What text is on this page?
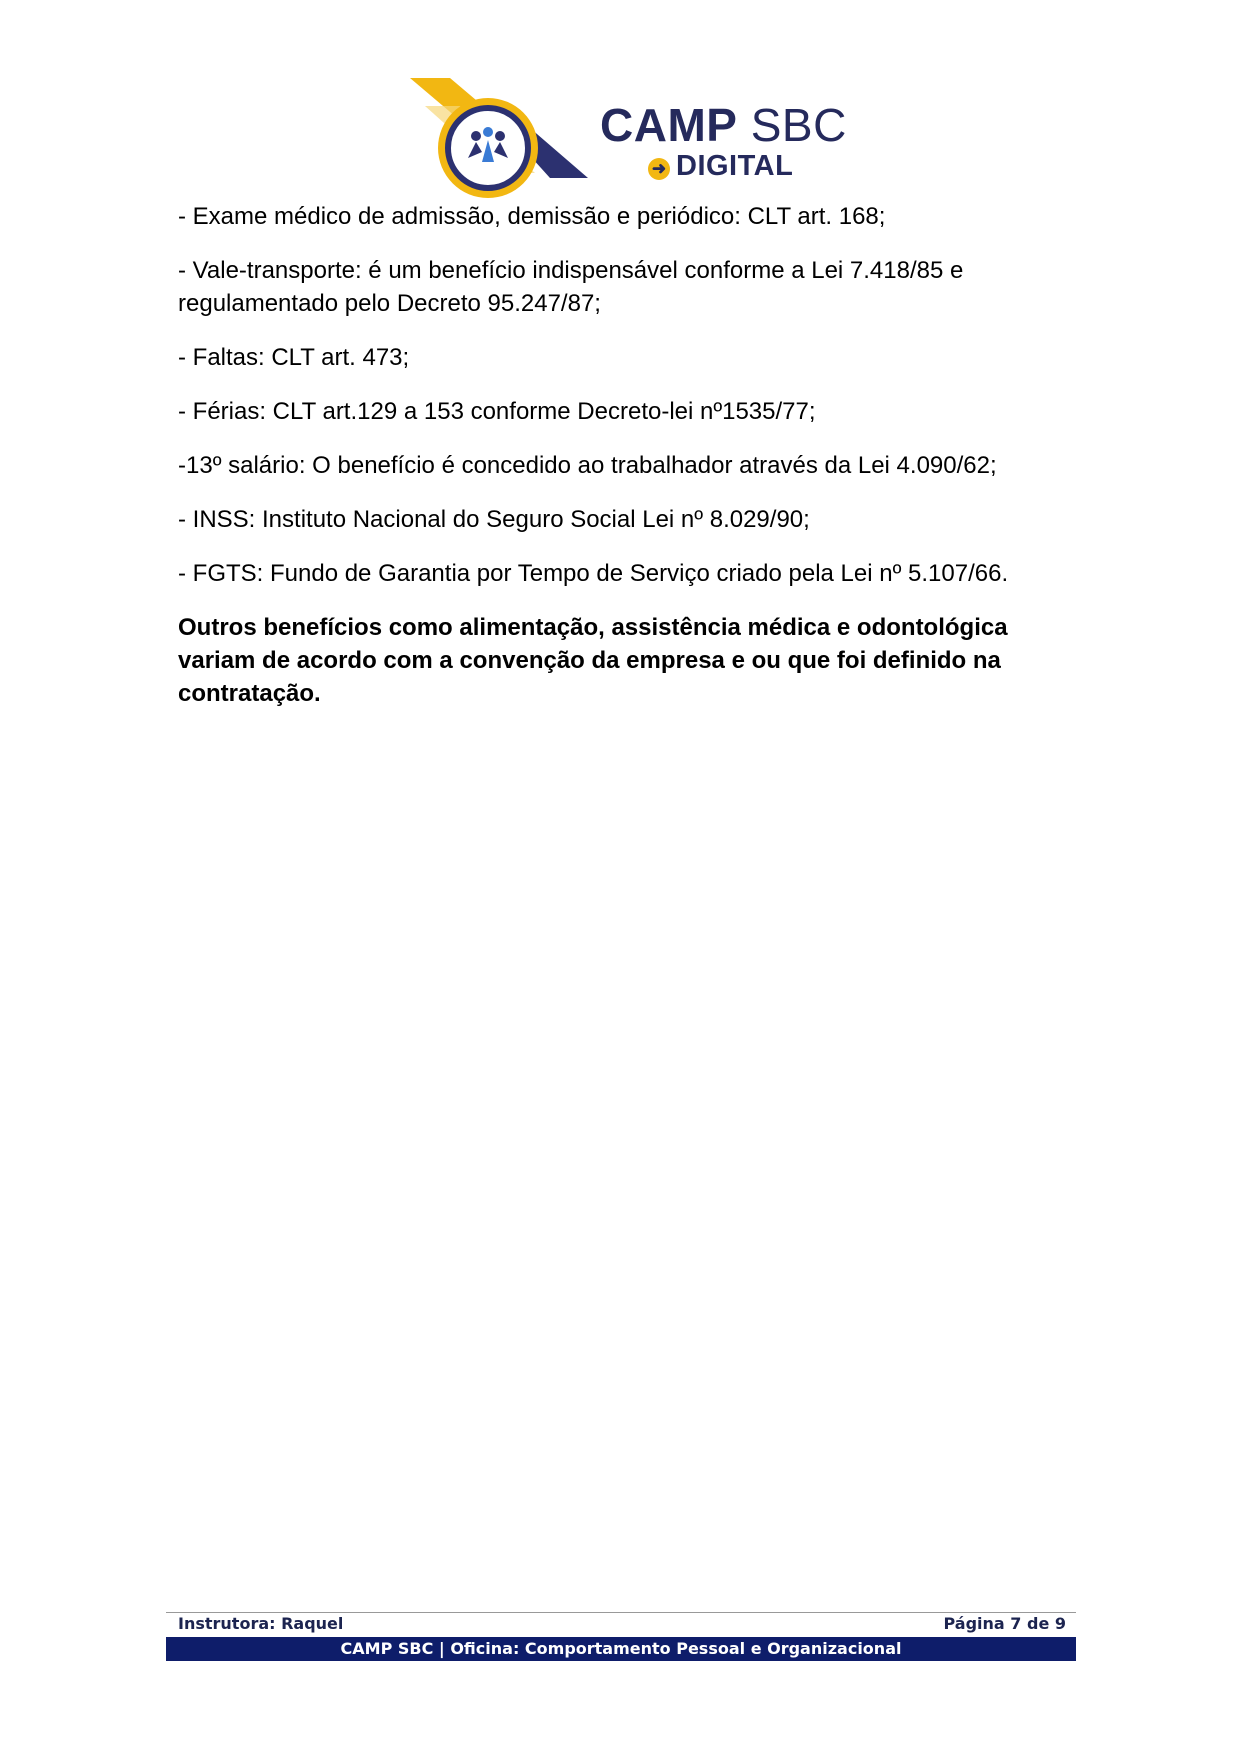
CAMP SBC
➜ DIGITAL

- Exame médico de admissão, demissão e periódico: CLT art. 168;

- Vale-transporte: é um benefício indispensável conforme a Lei 7.418/85 e regulamentado pelo Decreto 95.247/87;

- Faltas: CLT art. 473;

- Férias: CLT art.129 a 153 conforme Decreto-lei nº1535/77;

-13º salário: O benefício é concedido ao trabalhador através da Lei 4.090/62;

- INSS: Instituto Nacional do Seguro Social Lei nº 8.029/90;

- FGTS: Fundo de Garantia por Tempo de Serviço criado pela Lei nº 5.107/66.

Outros benefícios como alimentação, assistência médica e odontológica variam de acordo com a convenção da empresa e ou que foi definido na contratação.

Instrutora: Raquel	Página 7 de 9
CAMP SBC | Oficina: Comportamento Pessoal e Organizacional
